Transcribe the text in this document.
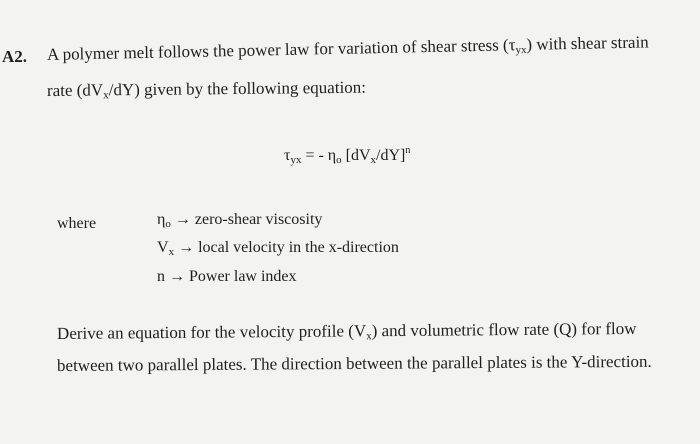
A2. A polymer melt follows the power law for variation of shear stress $(\tau_{yx})$ with shear strain
rate $(dV_x/dY)$ given by the following equation:
$\tau_{yx}$ = - $\eta_o$ $[dV_x/dY]^n$
where	$\eta_o$ → zero-shear viscosity
$V_x$ → local velocity in the x-direction
n → Power law index
Derive an equation for the velocity profile $(V_x)$ and volumetric flow rate (Q) for flow
between two parallel plates. The direction between the parallel plates is the Y-direction.
